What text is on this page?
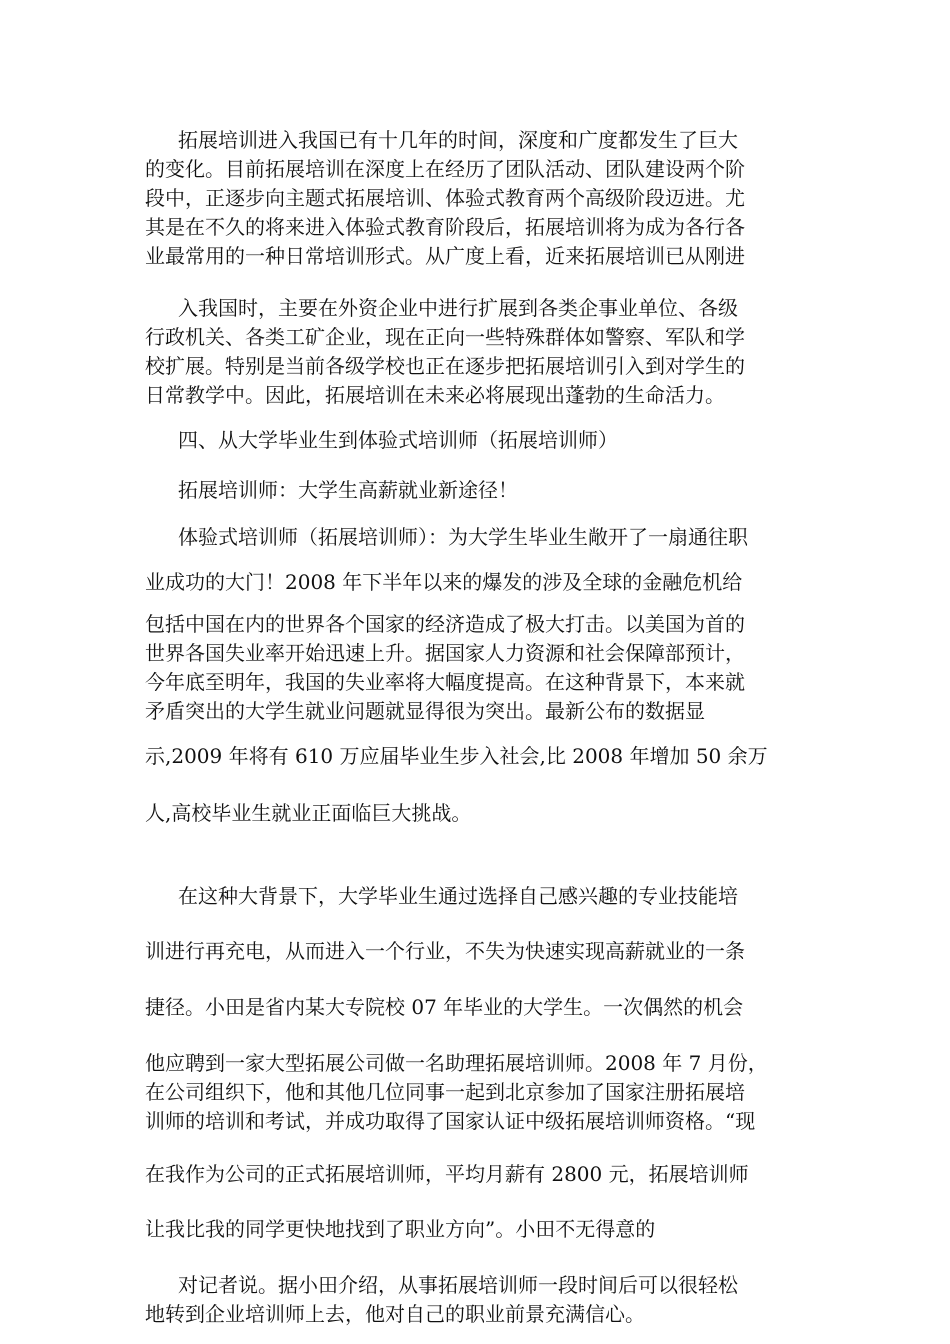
拓展培训进入我国已有十几年的时间，深度和广度都发生了巨大
的变化。目前拓展培训在深度上在经历了团队活动、团队建设两个阶
段中，正逐步向主题式拓展培训、体验式教育两个高级阶段迈进。尤
其是在不久的将来进入体验式教育阶段后，拓展培训将为成为各行各
业最常用的一种日常培训形式。从广度上看，近来拓展培训已从刚进
入我国时，主要在外资企业中进行扩展到各类企事业单位、各级
行政机关、各类工矿企业，现在正向一些特殊群体如警察、军队和学
校扩展。特别是当前各级学校也正在逐步把拓展培训引入到对学生的
日常教学中。因此，拓展培训在未来必将展现出蓬勃的生命活力。
四、从大学毕业生到体验式培训师（拓展培训师）
拓展培训师：大学生高薪就业新途径！
体验式培训师（拓展培训师）：为大学生毕业生敞开了一扇通往职
业成功的大门！2008 年下半年以来的爆发的涉及全球的金融危机给
包括中国在内的世界各个国家的经济造成了极大打击。以美国为首的
世界各国失业率开始迅速上升。据国家人力资源和社会保障部预计，
今年底至明年，我国的失业率将大幅度提高。在这种背景下，本来就
矛盾突出的大学生就业问题就显得很为突出。最新公布的数据显
示,2009 年将有 610 万应届毕业生步入社会,比 2008 年增加 50 余万
人,高校毕业生就业正面临巨大挑战。
在这种大背景下，大学毕业生通过选择自己感兴趣的专业技能培
训进行再充电，从而进入一个行业，不失为快速实现高薪就业的一条
捷径。小田是省内某大专院校 07 年毕业的大学生。一次偶然的机会
他应聘到一家大型拓展公司做一名助理拓展培训师。2008 年 7 月份，
在公司组织下，他和其他几位同事一起到北京参加了国家注册拓展培
训师的培训和考试，并成功取得了国家认证中级拓展培训师资格。“现
在我作为公司的正式拓展培训师，平均月薪有 2800 元，拓展培训师
让我比我的同学更快地找到了职业方向”。小田不无得意的
对记者说。据小田介绍，从事拓展培训师一段时间后可以很轻松
地转到企业培训师上去，他对自己的职业前景充满信心。
